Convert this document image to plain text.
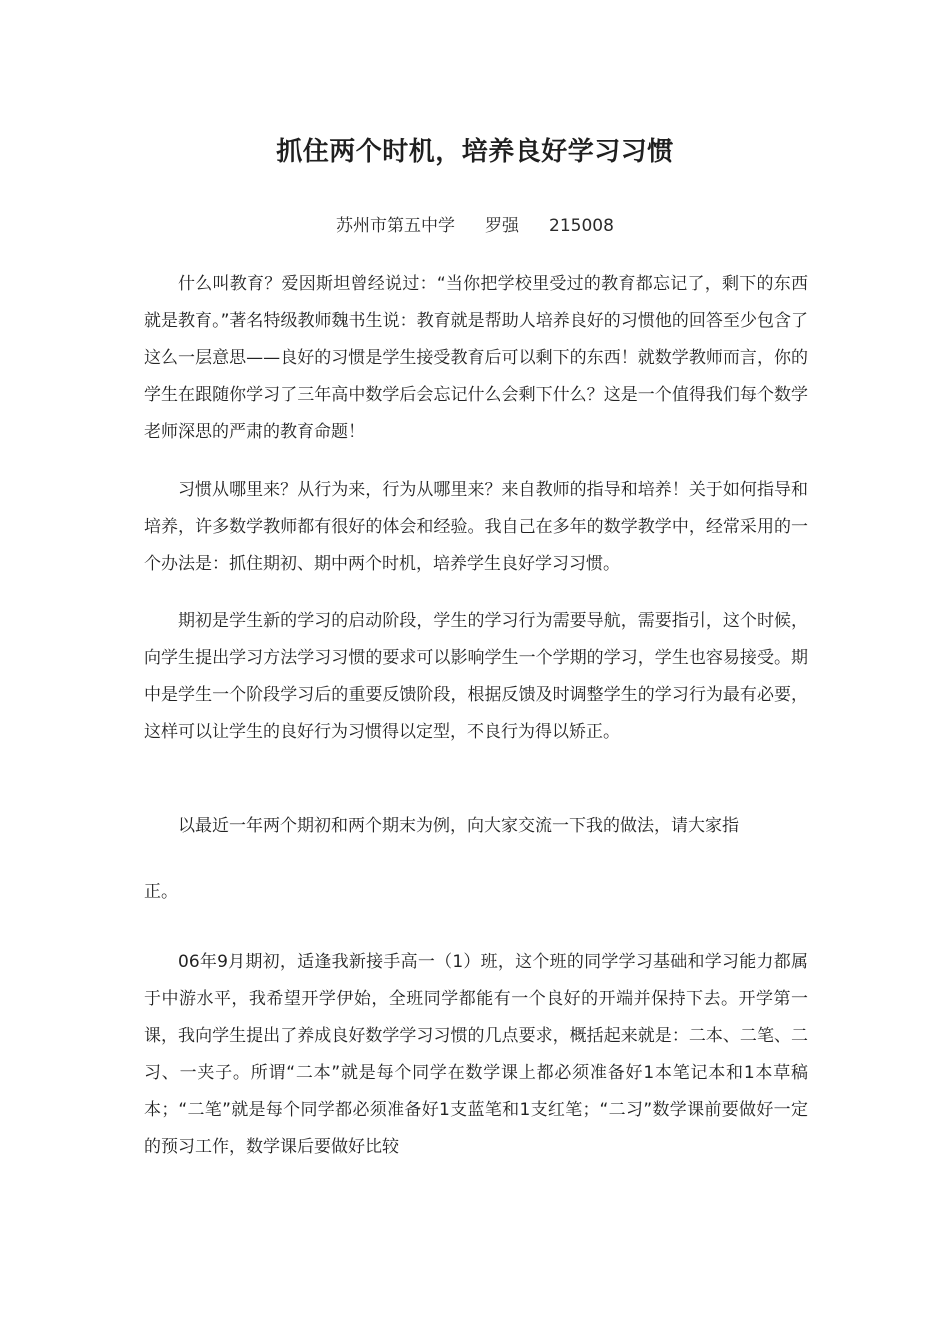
抓住两个时机，培养良好学习习惯
苏州市第五中学 罗强 215008

什么叫教育？爱因斯坦曾经说过：“当你把学校里受过的教育都忘记了，剩下的东西就是教育。”著名特级教师魏书生说：教育就是帮助人培养良好的习惯他的回答至少包含了这么一层意思——良好的习惯是学生接受教育后可以剩下的东西！就数学教师而言，你的学生在跟随你学习了三年高中数学后会忘记什么会剩下什么？这是一个值得我们每个数学老师深思的严肃的教育命题！

习惯从哪里来？从行为来，行为从哪里来？来自教师的指导和培养！关于如何指导和培养，许多数学教师都有很好的体会和经验。我自己在多年的数学教学中，经常采用的一个办法是：抓住期初、期中两个时机，培养学生良好学习习惯。

期初是学生新的学习的启动阶段，学生的学习行为需要导航，需要指引，这个时候，向学生提出学习方法学习习惯的要求可以影响学生一个学期的学习，学生也容易接受。期中是学生一个阶段学习后的重要反馈阶段，根据反馈及时调整学生的学习行为最有必要，这样可以让学生的良好行为习惯得以定型，不良行为得以矫正。

以最近一年两个期初和两个期末为例，向大家交流一下我的做法，请大家指

正。

06年9月期初，适逢我新接手高一（1）班，这个班的同学学习基础和学习能力都属于中游水平，我希望开学伊始，全班同学都能有一个良好的开端并保持下去。开学第一课，我向学生提出了养成良好数学学习习惯的几点要求，概括起来就是：二本、二笔、二习、一夹子。所谓“二本”就是每个同学在数学课上都必须准备好1本笔记本和1本草稿本；“二笔”就是每个同学都必须准备好1支蓝笔和1支红笔；“二习”数学课前要做好一定的预习工作，数学课后要做好比较
